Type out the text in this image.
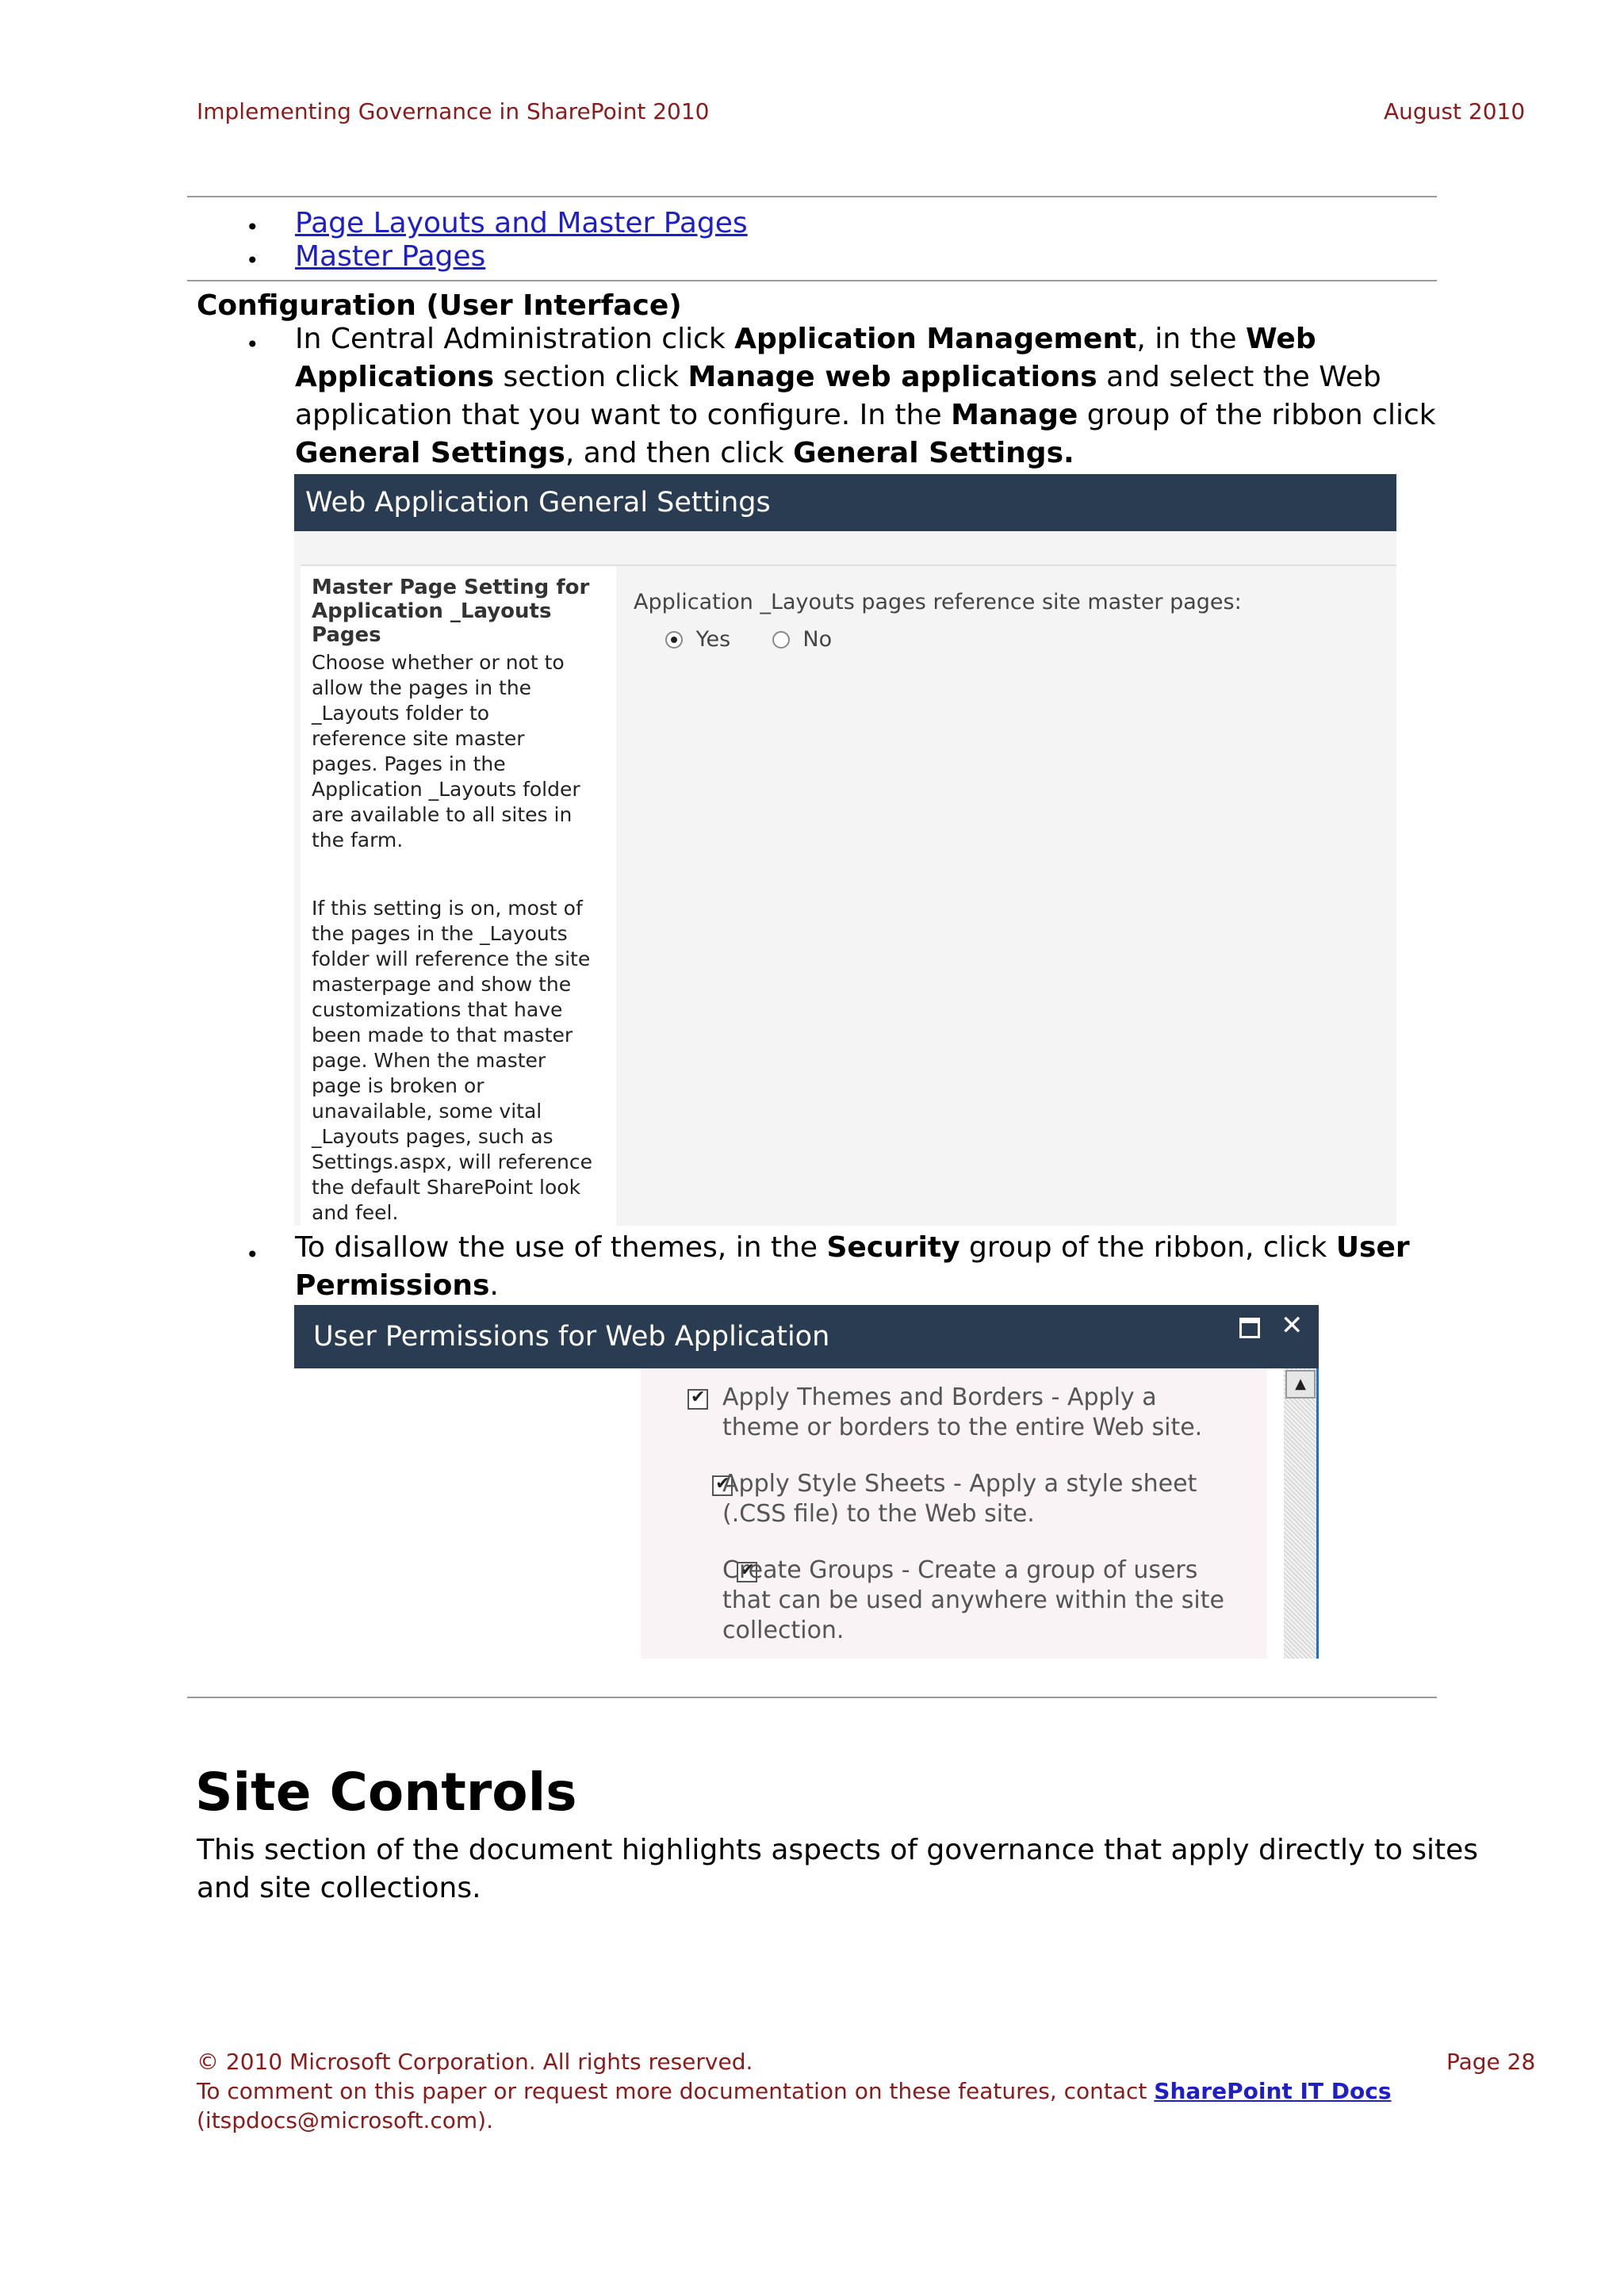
Implementing Governance in SharePoint 2010	August 2010
• Page Layouts and Master Pages
• Master Pages
Configuration (User Interface)
• In Central Administration click Application Management, in the Web
Applications section click Manage web applications and select the Web
application that you want to configure. In the Manage group of the ribbon click
General Settings, and then click General Settings.
Web Application General Settings
Master Page Setting for
Application _Layouts
Pages
Choose whether or not to
allow the pages in the
_Layouts folder to
reference site master
pages. Pages in the
Application _Layouts folder
are available to all sites in
the farm.
If this setting is on, most of
the pages in the _Layouts
folder will reference the site
masterpage and show the
customizations that have
been made to that master
page. When the master
page is broken or
unavailable, some vital
_Layouts pages, such as
Settings.aspx, will reference
the default SharePoint look
and feel.
Application _Layouts pages reference site master pages:
Yes	No
• To disallow the use of themes, in the Security group of the ribbon, click User
Permissions.
User Permissions for Web Application	✕
✔
Apply Themes and Borders - Apply a
theme or borders to the entire Web site.
✔
Apply Style Sheets - Apply a style sheet
(.CSS file) to the Web site.
✔
Create Groups - Create a group of users
that can be used anywhere within the site
collection.
▲
Site Controls
This section of the document highlights aspects of governance that apply directly to sites
and site collections.
© 2010 Microsoft Corporation. All rights reserved.	Page 28
To comment on this paper or request more documentation on these features, contact SharePoint IT Docs
(itspdocs@microsoft.com).
